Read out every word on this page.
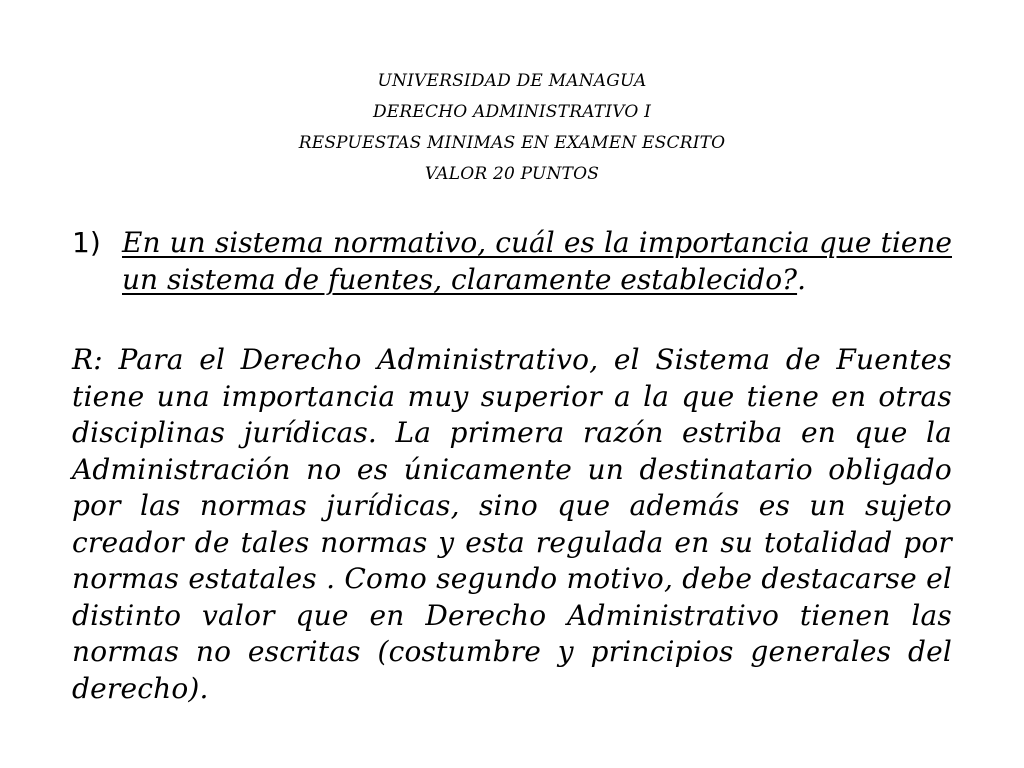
UNIVERSIDAD DE MANAGUA
DERECHO ADMINISTRATIVO I
RESPUESTAS MINIMAS EN EXAMEN ESCRITO
VALOR 20 PUNTOS
1) En un sistema normativo, cuál es la importancia que tiene un sistema de fuentes, claramente establecido?.
R: Para el Derecho Administrativo, el Sistema de Fuentes tiene una importancia muy superior a la que tiene en otras disciplinas jurídicas. La primera razón estriba en que la Administración no es únicamente un destinatario obligado por las normas jurídicas, sino que además es un sujeto creador de tales normas y esta regulada en su totalidad por normas estatales . Como segundo motivo, debe destacarse el distinto valor que en Derecho Administrativo tienen las normas no escritas (costumbre y principios generales del derecho).
